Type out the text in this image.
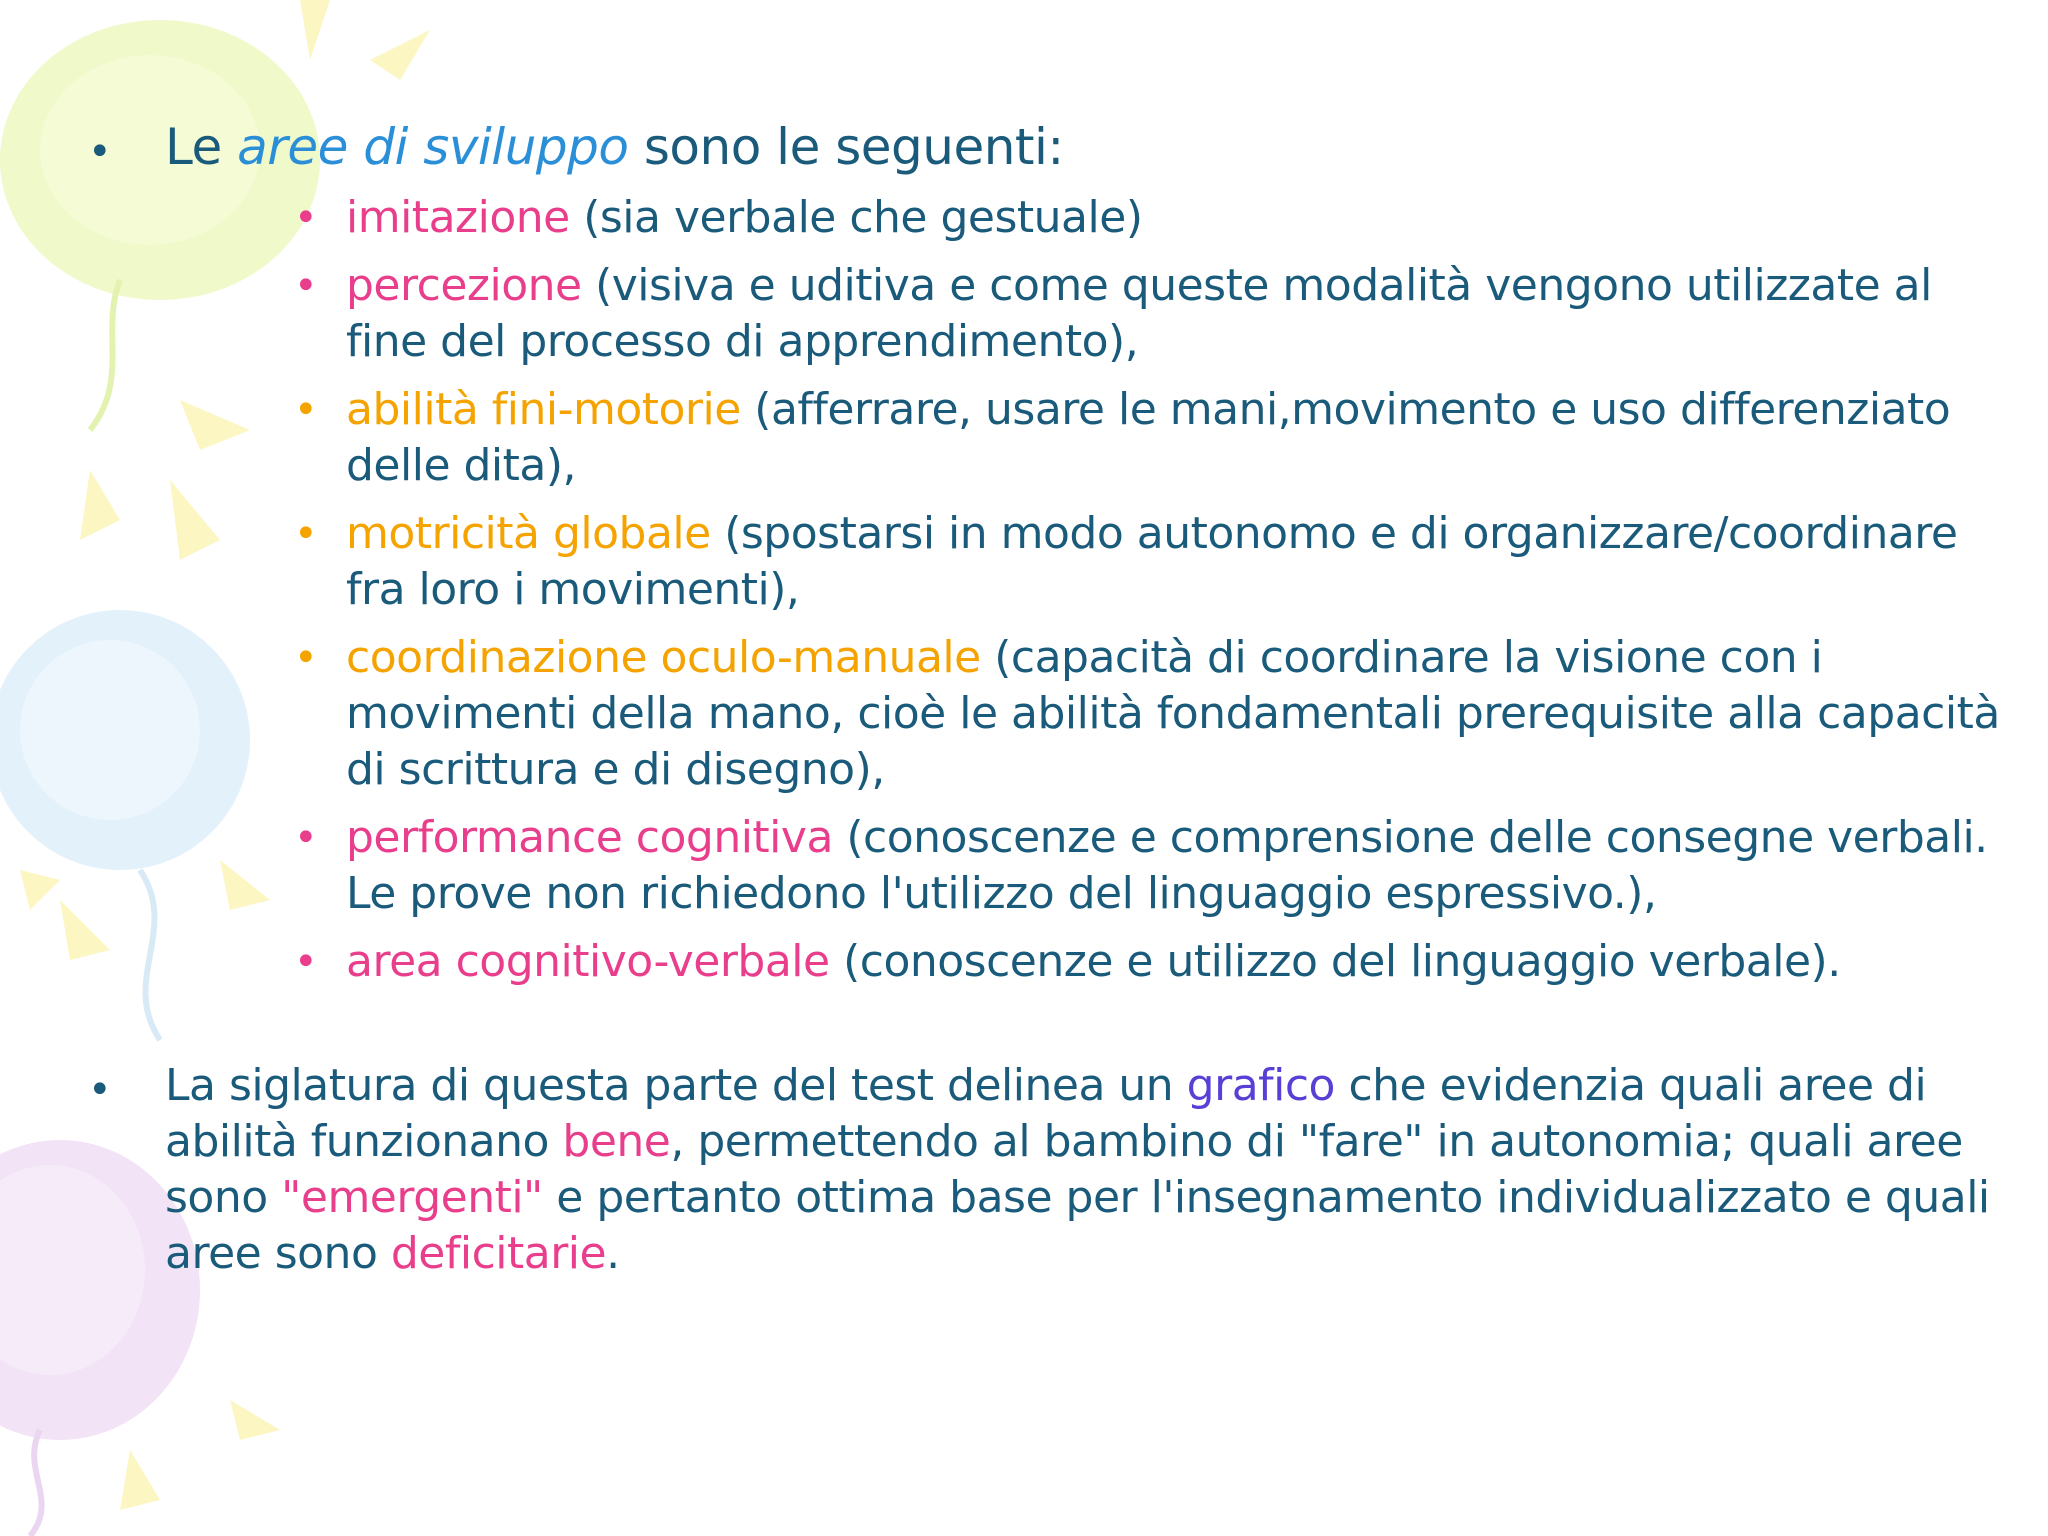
• Le aree di sviluppo sono le seguenti:
• imitazione (sia verbale che gestuale)
• percezione (visiva e uditiva e come queste modalità vengono utilizzate al fine del processo di apprendimento),
• abilità fini-motorie (afferrare, usare le mani,movimento e uso differenziato delle dita),
• motricità globale (spostarsi in modo autonomo e di organizzare/coordinare fra loro i movimenti),
• coordinazione oculo-manuale (capacità di coordinare la visione con i movimenti della mano, cioè le abilità fondamentali prerequisite alla capacità di scrittura e di disegno),
• performance cognitiva (conoscenze e comprensione delle consegne verbali. Le prove non richiedono l'utilizzo del linguaggio espressivo.),
• area cognitivo-verbale (conoscenze e utilizzo del linguaggio verbale).
• La siglatura di questa parte del test delinea un grafico che evidenzia quali aree di abilità funzionano bene, permettendo al bambino di "fare" in autonomia; quali aree sono "emergenti" e pertanto ottima base per l'insegnamento individualizzato e quali aree sono deficitarie.
